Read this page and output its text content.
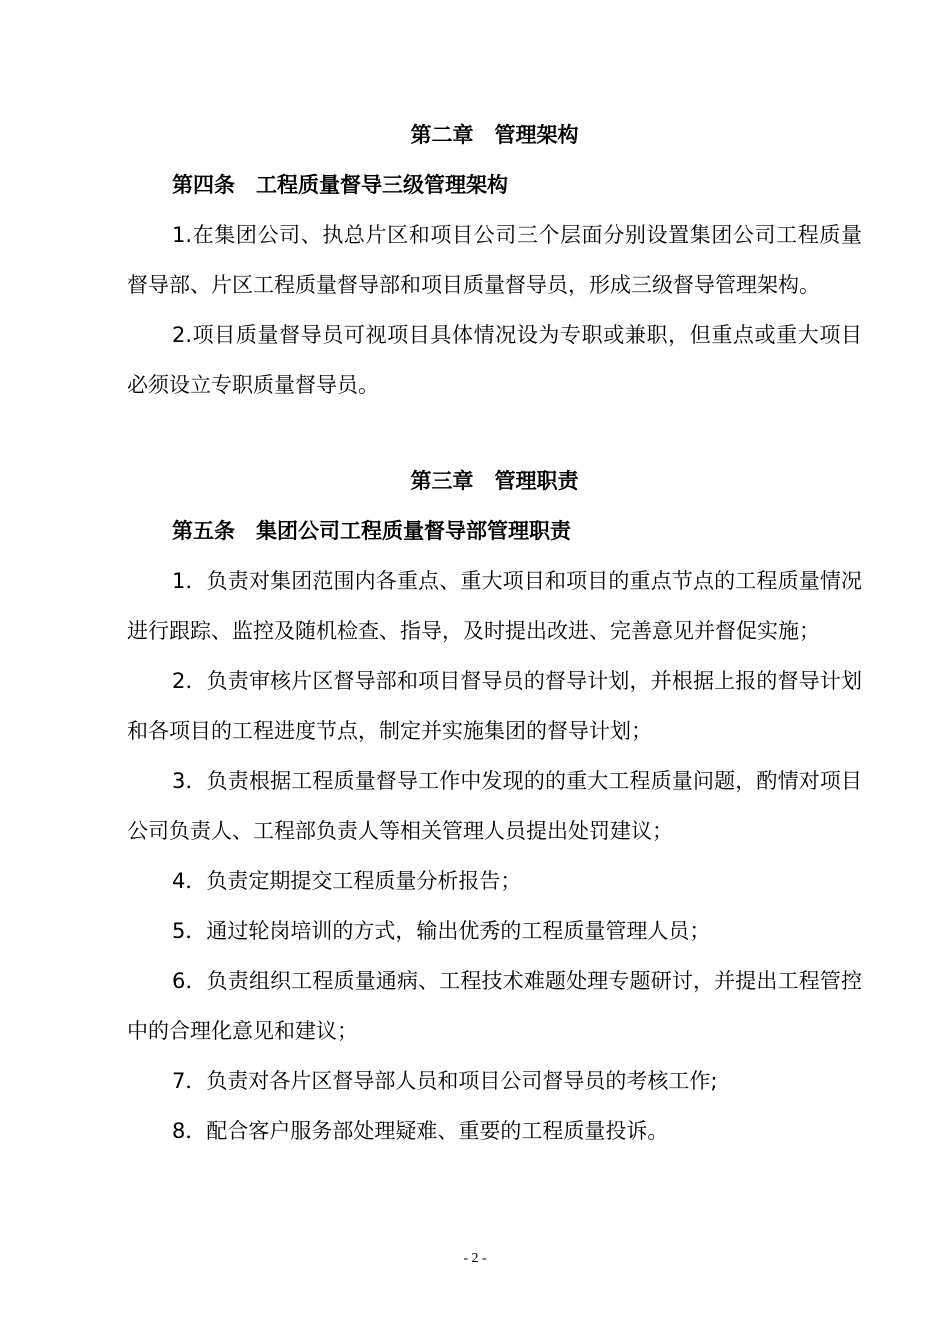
第二章　管理架构
第四条　工程质量督导三级管理架构

1.在集团公司、执总片区和项目公司三个层面分别设置集团公司工程质量督导部、片区工程质量督导部和项目质量督导员，形成三级督导管理架构。

2.项目质量督导员可视项目具体情况设为专职或兼职，但重点或重大项目必须设立专职质量督导员。

第三章　管理职责
第五条　集团公司工程质量督导部管理职责

1．负责对集团范围内各重点、重大项目和项目的重点节点的工程质量情况进行跟踪、监控及随机检查、指导，及时提出改进、完善意见并督促实施；

2．负责审核片区督导部和项目督导员的督导计划，并根据上报的督导计划和各项目的工程进度节点，制定并实施集团的督导计划；

3．负责根据工程质量督导工作中发现的的重大工程质量问题，酌情对项目公司负责人、工程部负责人等相关管理人员提出处罚建议；

4．负责定期提交工程质量分析报告；

5．通过轮岗培训的方式，输出优秀的工程质量管理人员；

6．负责组织工程质量通病、工程技术难题处理专题研讨，并提出工程管控中的合理化意见和建议；

7．负责对各片区督导部人员和项目公司督导员的考核工作;

8．配合客户服务部处理疑难、重要的工程质量投诉。

- 2 -
